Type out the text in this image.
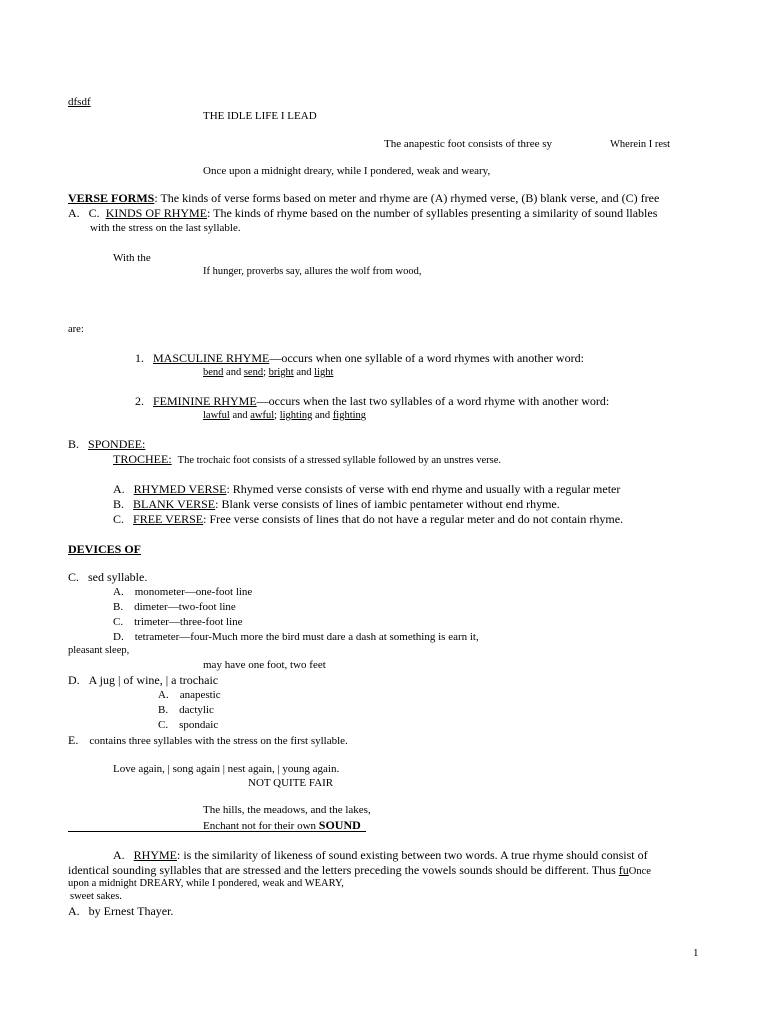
dfsdf
THE IDLE LIFE I LEAD
The anapestic foot consists of three sy	Wherein I rest
Once upon a midnight dreary, while I pondered, weak and weary,
VERSE FORMS: The kinds of verse forms based on meter and rhyme are (A) rhymed verse, (B) blank verse, and (C) free
A. C. KINDS OF RHYME: The kinds of rhyme based on the number of syllables presenting a similarity of sound llables
with the stress on the last syllable.
With the
If hunger, proverbs say, allures the wolf from wood,
are:
1. MASCULINE RHYME—occurs when one syllable of a word rhymes with another word:
bend and send; bright and light
2. FEMININE RHYME—occurs when the last two syllables of a word rhyme with another word:
lawful and awful; lighting and fighting
B. SPONDEE:
TROCHEE: The trochaic foot consists of a stressed syllable followed by an unstres verse.
A. RHYMED VERSE: Rhymed verse consists of verse with end rhyme and usually with a regular meter
B. BLANK VERSE: Blank verse consists of lines of iambic pentameter without end rhyme.
C. FREE VERSE: Free verse consists of lines that do not have a regular meter and do not contain rhyme.
DEVICES OF
C. sed syllable.
A. monometer—one-foot line
B. dimeter—two-foot line
C. trimeter—three-foot line
D. tetrameter—four-Much more the bird must dare a dash at something is earn it,
pleasant sleep,
may have one foot, two feet
D. A jug | of wine, | a trochaic
A. anapestic
B. dactylic
C. spondaic
E. contains three syllables with the stress on the first syllable.
Love again, | song again | nest again, | young again.
NOT QUITE FAIR
The hills, the meadows, and the lakes,
Enchant not for their own SOUND
A. RHYME: is the similarity of likeness of sound existing between two words. A true rhyme should consist of
identical sounding syllables that are stressed and the letters preceding the vowels sounds should be different. Thus fuOnce
upon a midnight DREARY, while I pondered, weak and WEARY,
sweet sakes.
A. by Ernest Thayer.
1
